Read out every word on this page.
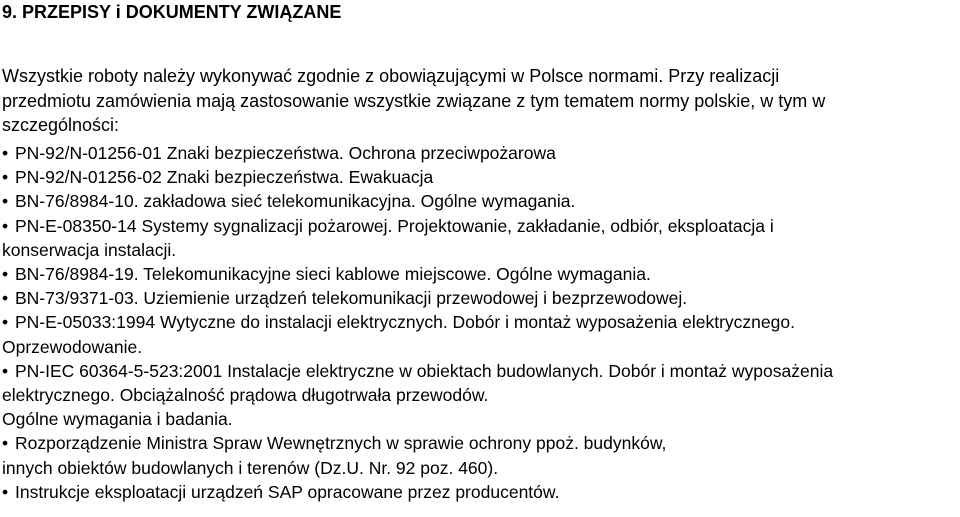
9. PRZEPISY i DOKUMENTY ZWIĄZANE

Wszystkie roboty należy wykonywać zgodnie z obowiązującymi w Polsce normami. Przy realizacji

przedmiotu zamówienia mają zastosowanie wszystkie związane z tym tematem normy polskie, w tym w

szczególności:

• PN-92/N-01256-01 Znaki bezpieczeństwa. Ochrona przeciwpożarowa
• PN-92/N-01256-02 Znaki bezpieczeństwa. Ewakuacja
• BN-76/8984-10. zakładowa sieć telekomunikacyjna. Ogólne wymagania.
• PN-E-08350-14 Systemy sygnalizacji pożarowej. Projektowanie, zakładanie, odbiór, eksploatacja i
konserwacja instalacji.
• BN-76/8984-19. Telekomunikacyjne sieci kablowe miejscowe. Ogólne wymagania.
• BN-73/9371-03. Uziemienie urządzeń telekomunikacji przewodowej i bezprzewodowej.
• PN-E-05033:1994 Wytyczne do instalacji elektrycznych. Dobór i montaż wyposażenia elektrycznego.
Oprzewodowanie.
• PN-IEC 60364-5-523:2001 Instalacje elektryczne w obiektach budowlanych. Dobór i montaż wyposażenia
elektrycznego. Obciążalność prądowa długotrwała przewodów.
Ogólne wymagania i badania.
• Rozporządzenie Ministra Spraw Wewnętrznych w sprawie ochrony ppoż. budynków,
innych obiektów budowlanych i terenów (Dz.U. Nr. 92 poz. 460).
• Instrukcje eksploatacji urządzeń SAP opracowane przez producentów.
